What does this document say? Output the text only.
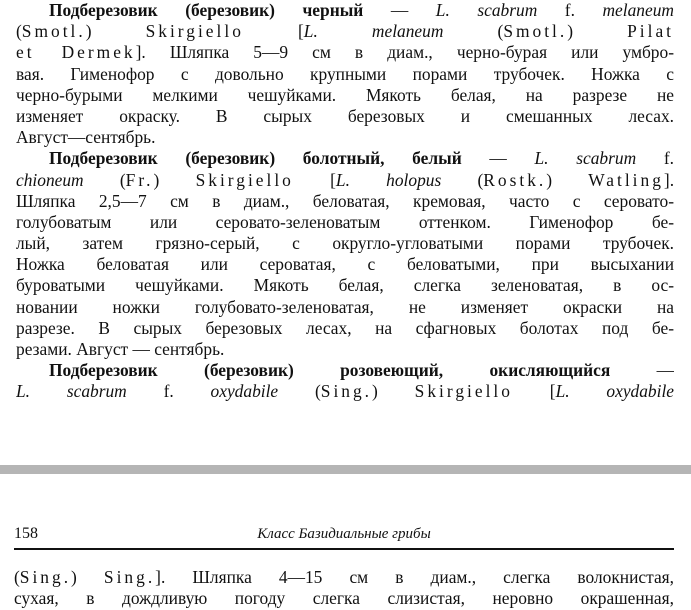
Подберезовик (березовик) черный — L. scabrum f. melaneum
(Smotl.) Skirgiello [L. melaneum (Smotl.) Pilat
et Dermek]. Шляпка 5—9 см в диам., черно-бурая или умбро-
вая. Гименофор с довольно крупными порами трубочек. Ножка с
черно-бурыми мелкими чешуйками. Мякоть белая, на разрезе не
изменяет окраску. В сырых березовых и смешанных лесах.
Август—сентябрь.
Подберезовик (березовик) болотный, белый — L. scabrum f.
chioneum (Fr.) Skirgiello [L. holopus (Rostk.) Watling].
Шляпка 2,5—7 см в диам., беловатая, кремовая, часто с серовато-
голубоватым или серовато-зеленоватым оттенком. Гименофор бе-
лый, затем грязно-серый, с округло-угловатыми порами трубочек.
Ножка беловатая или сероватая, с беловатыми, при высыхании
буроватыми чешуйками. Мякоть белая, слегка зеленоватая, в ос-
новании ножки голубовато-зеленоватая, не изменяет окраски на
разрезе. В сырых березовых лесах, на сфагновых болотах под бе-
резами. Август — сентябрь.
Подберезовик (березовик) розовеющий, окисляющийся —
L. scabrum f. oxydabile (Sing.) Skirgiello [L. oxydabile
158	Класс Базидиальные грибы
(Sing.) Sing.]. Шляпка 4—15 см в диам., слегка волокнистая,
сухая, в дождливую погоду слегка слизистая, неровно окрашенная,
